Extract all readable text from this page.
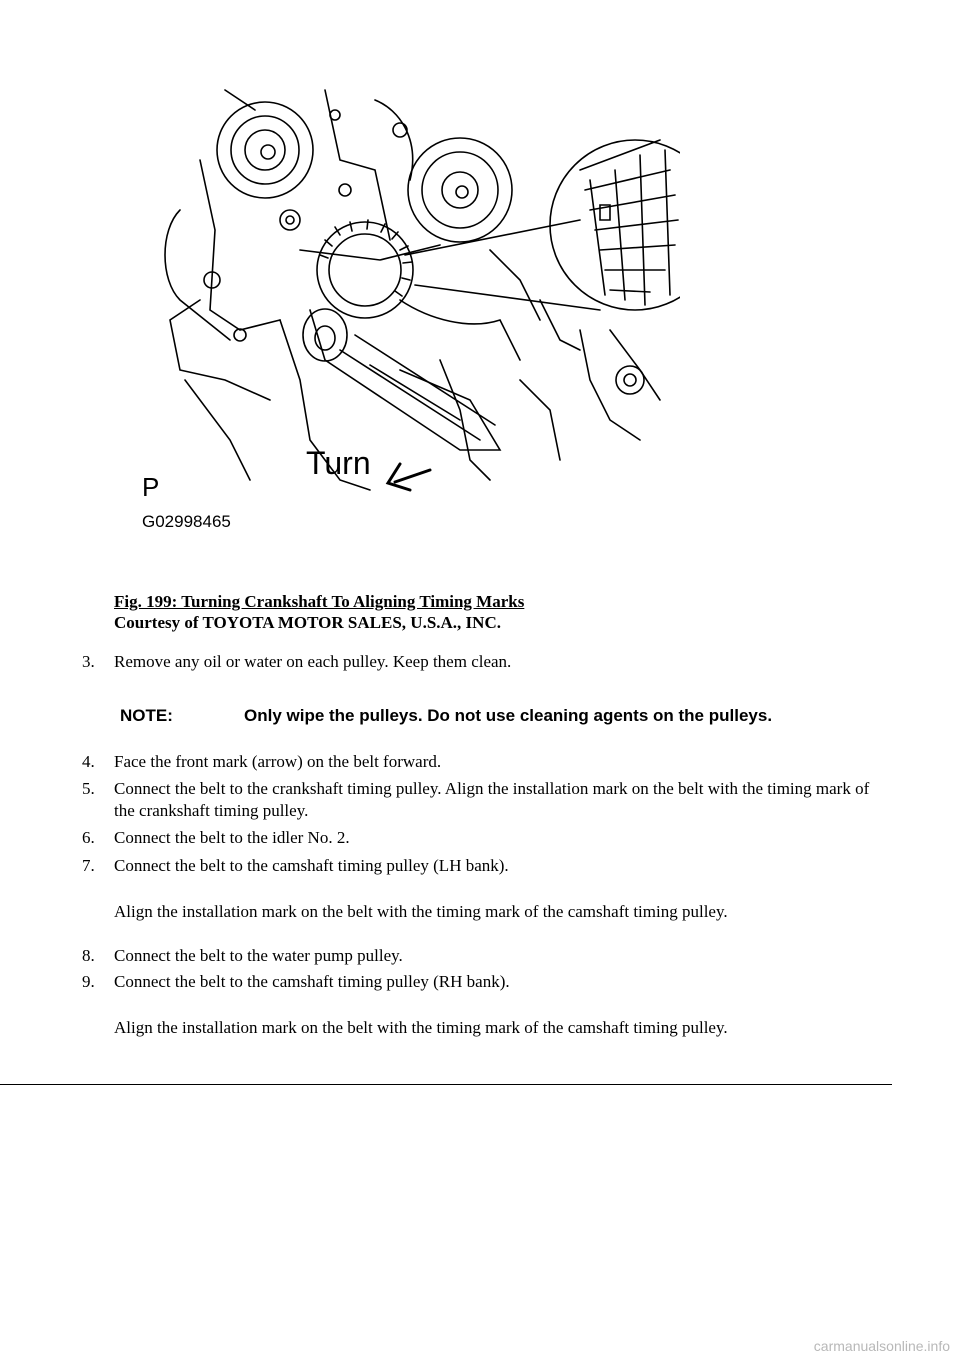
Turn
P
G02998465
Fig. 199: Turning Crankshaft To Aligning Timing Marks
Courtesy of TOYOTA MOTOR SALES, U.S.A., INC.
3.	Remove any oil or water on each pulley. Keep them clean.
NOTE:	Only wipe the pulleys. Do not use cleaning agents on the pulleys.
4.	Face the front mark (arrow) on the belt forward.
5.	Connect the belt to the crankshaft timing pulley. Align the installation mark on the belt with the timing mark of the crankshaft timing pulley.
6.	Connect the belt to the idler No. 2.
7.	Connect the belt to the camshaft timing pulley (LH bank).
Align the installation mark on the belt with the timing mark of the camshaft timing pulley.
8.	Connect the belt to the water pump pulley.
9.	Connect the belt to the camshaft timing pulley (RH bank).
Align the installation mark on the belt with the timing mark of the camshaft timing pulley.
carmanualsonline.info
